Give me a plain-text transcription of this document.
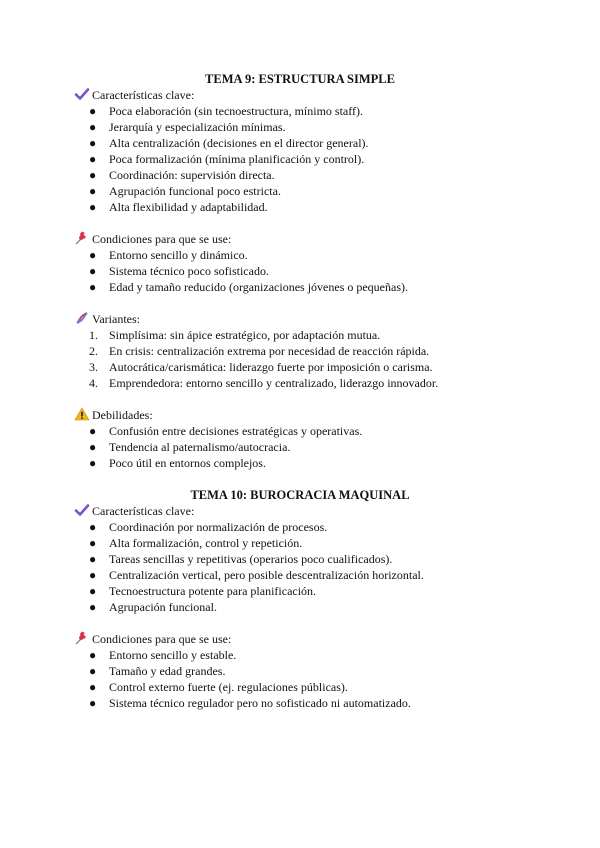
TEMA 9: ESTRUCTURA SIMPLE
Características clave:
● Poca elaboración (sin tecnoestructura, mínimo staff).
● Jerarquía y especialización mínimas.
● Alta centralización (decisiones en el director general).
● Poca formalización (mínima planificación y control).
● Coordinación: supervisión directa.
● Agrupación funcional poco estricta.
● Alta flexibilidad y adaptabilidad.
Condiciones para que se use:
● Entorno sencillo y dinámico.
● Sistema técnico poco sofisticado.
● Edad y tamaño reducido (organizaciones jóvenes o pequeñas).
Variantes:
1. Simplísima: sin ápice estratégico, por adaptación mutua.
2. En crisis: centralización extrema por necesidad de reacción rápida.
3. Autocrática/carismática: liderazgo fuerte por imposición o carisma.
4. Emprendedora: entorno sencillo y centralizado, liderazgo innovador.
Debilidades:
● Confusión entre decisiones estratégicas y operativas.
● Tendencia al paternalismo/autocracia.
● Poco útil en entornos complejos.
TEMA 10: BUROCRACIA MAQUINAL
Características clave:
● Coordinación por normalización de procesos.
● Alta formalización, control y repetición.
● Tareas sencillas y repetitivas (operarios poco cualificados).
● Centralización vertical, pero posible descentralización horizontal.
● Tecnoestructura potente para planificación.
● Agrupación funcional.
Condiciones para que se use:
● Entorno sencillo y estable.
● Tamaño y edad grandes.
● Control externo fuerte (ej. regulaciones públicas).
● Sistema técnico regulador pero no sofisticado ni automatizado.
